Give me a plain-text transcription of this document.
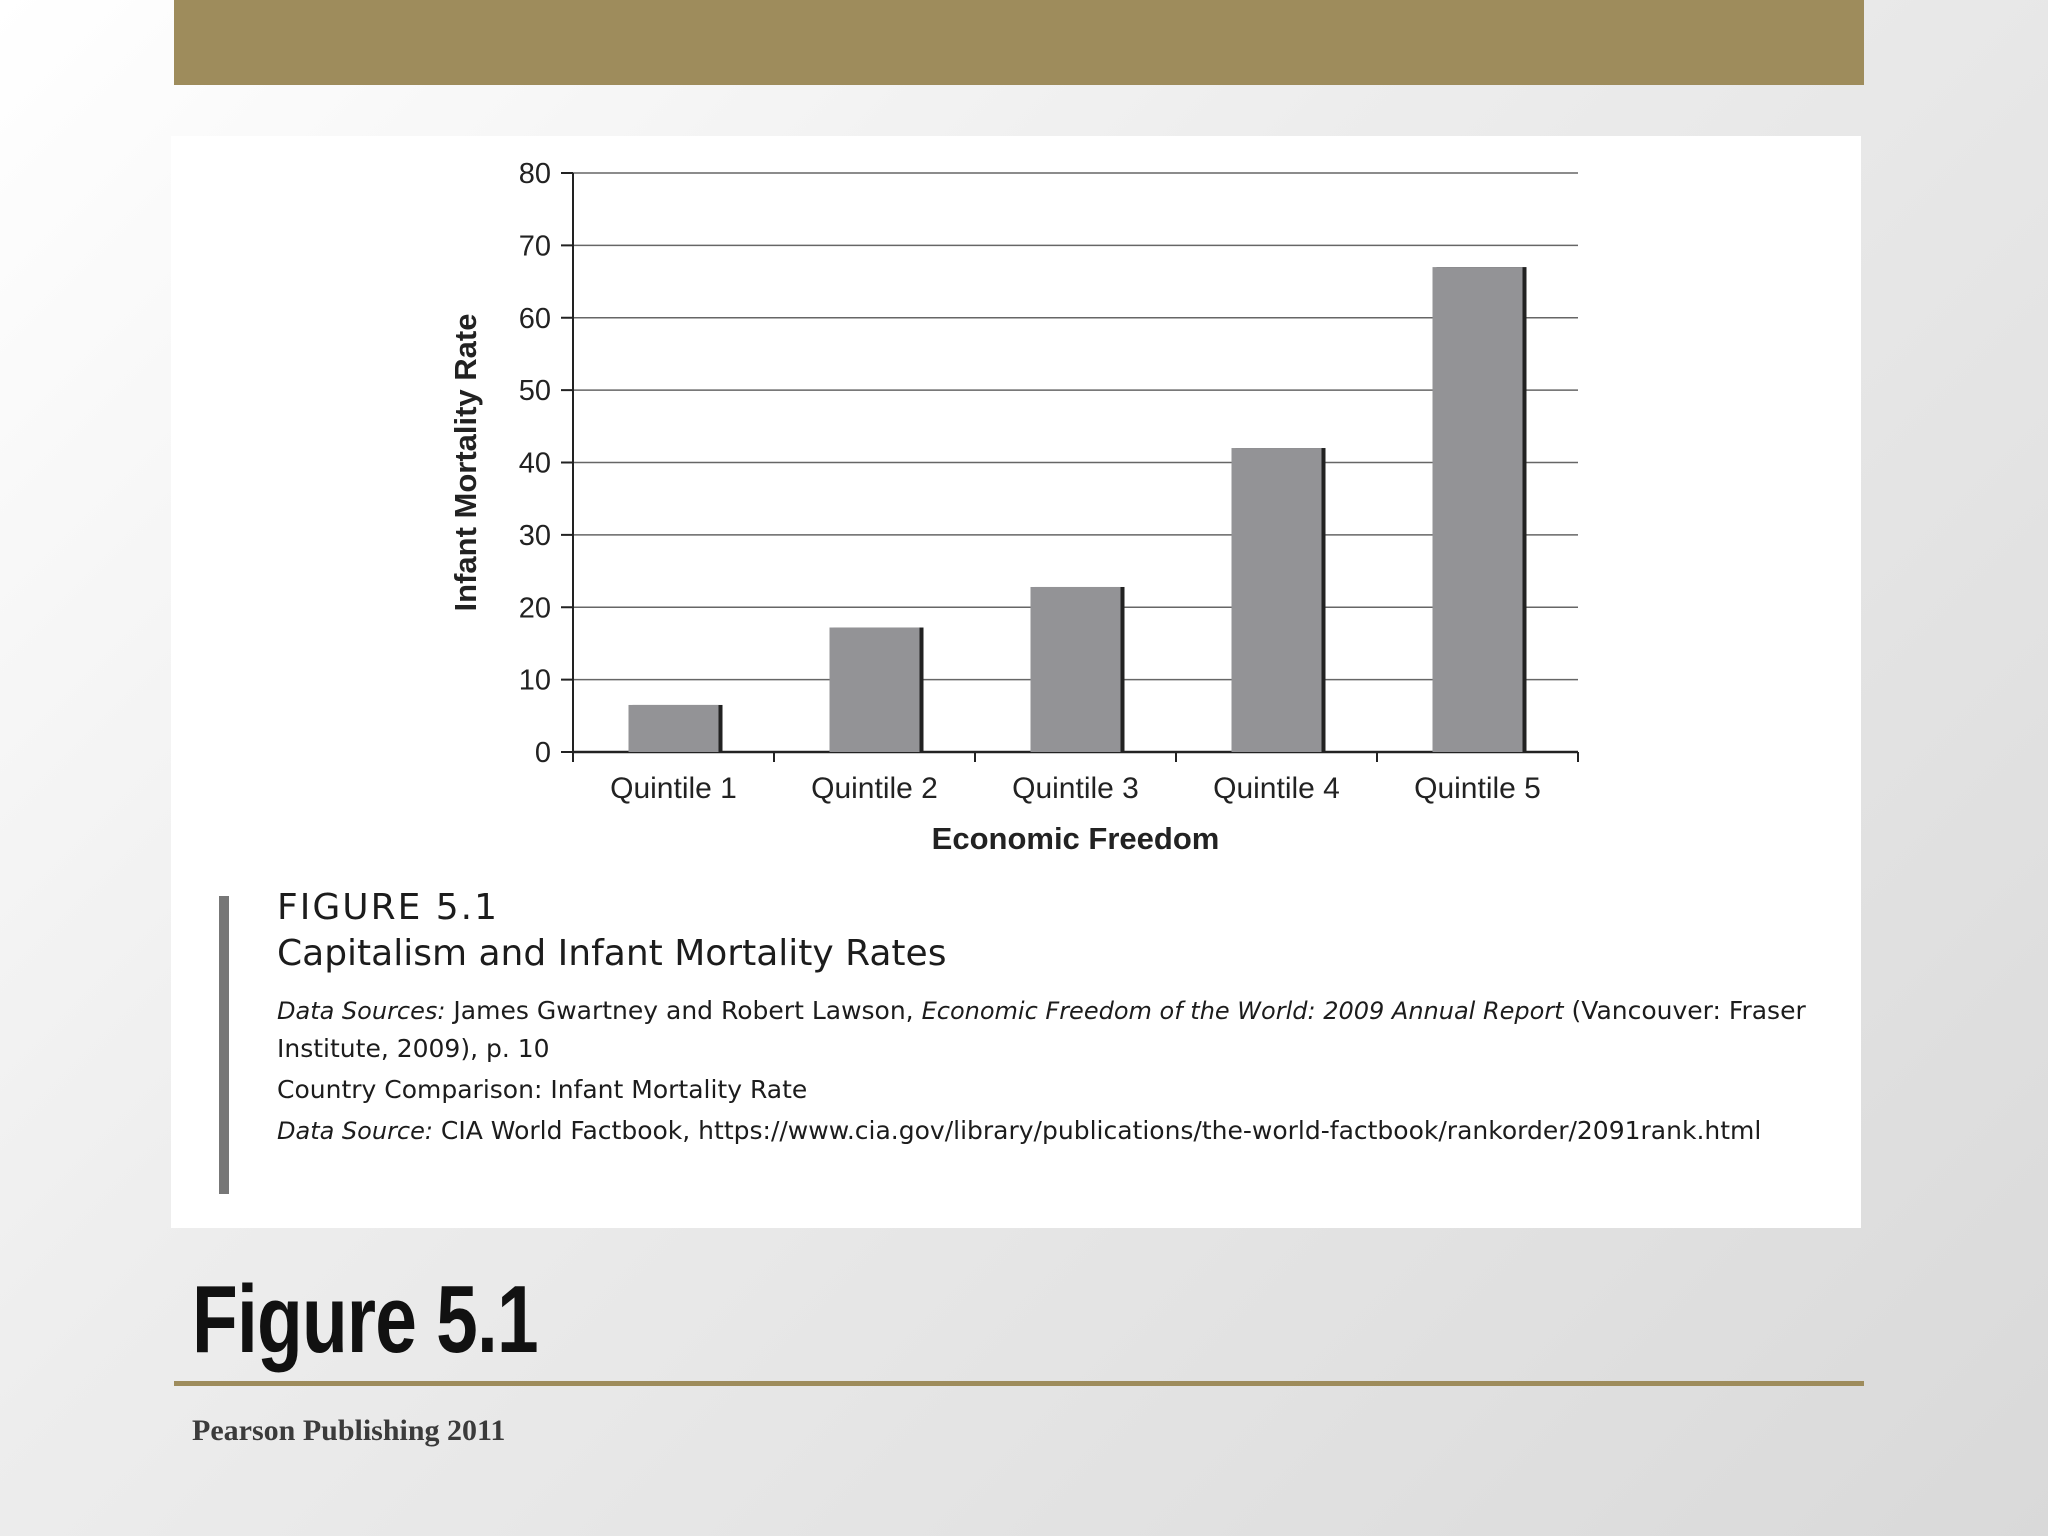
0
10
20
30
40
50
60
70
80
Quintile 1 Quintile 2 Quintile 3 Quintile 4 Quintile 5
Economic Freedom
Infant Mortality Rate
FIGURE 5.1
Capitalism and Infant Mortality Rates
Data Sources: James Gwartney and Robert Lawson, Economic Freedom of the World: 2009 Annual Report (Vancouver: Fraser Institute, 2009), p. 10
Country Comparison: Infant Mortality Rate
Data Source: CIA World Factbook, https://www.cia.gov/library/publications/the-world-factbook/rankorder/2091rank.html
Figure 5.1
Pearson Publishing 2011
